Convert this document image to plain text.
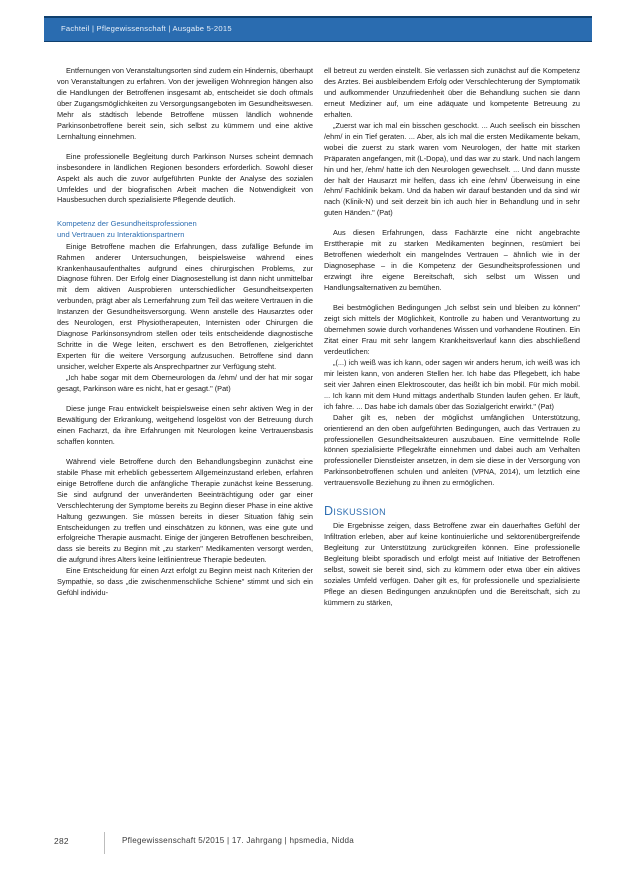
Fachteil | Pflegewissenschaft | Ausgabe 5-2015

Entfernungen von Veranstaltungsorten sind zudem ein Hindernis, überhaupt von Veranstaltungen zu erfahren. Von der jeweiligen Wohnregion hängen also die Handlungen der Betroffenen insgesamt ab, entscheidet sie doch oftmals über Zugangsmöglichkeiten zu Versorgungsangeboten im Gesundheitswesen. Mehr als städtisch lebende Betroffene müssen ländlich wohnende Parkinsonbetroffene bereit sein, sich selbst zu kümmern und eine aktive Lernhaltung einnehmen.

Eine professionelle Begleitung durch Parkinson Nurses scheint demnach insbesondere in ländlichen Regionen besonders erforderlich. Sowohl dieser Aspekt als auch die zuvor aufgeführten Punkte der Analyse des sozialen Umfeldes und der biografischen Arbeit machen die Notwendigkeit von Hausbesuchen durch spezialisierte Pflegende deutlich.

Kompetenz der Gesundheitsprofessionen
und Vertrauen zu Interaktionspartnern

Einige Betroffene machen die Erfahrungen, dass zufällige Befunde im Rahmen anderer Untersuchungen, beispielsweise während eines Krankenhausaufenthaltes aufgrund eines chirurgischen Problems, zur Diagnose führen. Der Erfolg einer Diagnosestellung ist dann nicht unmittelbar mit dem aktiven Ausprobieren unterschiedlicher Gesundheitsexperten verbunden, prägt aber als Lernerfahrung zum Teil das weitere Vertrauen in die Instanzen der Gesundheitsversorgung. Wenn anstelle des Hausarztes oder des Neurologen, erst Physiotherapeuten, Internisten oder Chirurgen die Diagnose Parkinsonsyndrom stellen oder teils entscheidende diagnostische Schritte in die Wege leiten, erschwert es den Betroffenen, zielgerichtet Experten für die weitere Versorgung aufzusuchen. Betroffene sind dann unsicher, welcher Experte als Ansprechpartner zur Verfügung steht.

„Ich habe sogar mit dem Oberneurologen da /ehm/ und der hat mir sogar gesagt, Parkinson wäre es nicht, hat er gesagt." (Pat)

Diese junge Frau entwickelt beispielsweise einen sehr aktiven Weg in der Bewältigung der Erkrankung, weitgehend losgelöst von der Betreuung durch einen Facharzt, da ihre Erfahrungen mit Neurologen keine Vertrauensbasis schaffen konnten.

Während viele Betroffene durch den Behandlungsbeginn zunächst eine stabile Phase mit erheblich gebessertem Allgemeinzustand erleben, erfahren einige Betroffene durch die anfängliche Therapie zunächst keine Besserung. Sie sind aufgrund der unveränderten Beeinträchtigung oder gar einer Verschlechterung der Symptome bereits zu Beginn dieser Phase in eine aktive Haltung gezwungen. Sie müssen bereits in dieser Situation fähig sein Entscheidungen zu treffen und einschätzen zu können, was eine gute und erfolgreiche Therapie ausmacht. Einige der jüngeren Betroffenen beschreiben, dass sie bereits zu Beginn mit „zu starken" Medikamenten versorgt werden, die aufgrund ihres Alters keine leitlinientreue Therapie bedeuten.

Eine Entscheidung für einen Arzt erfolgt zu Beginn meist nach Kriterien der Sympathie, so dass „die zwischenmenschliche Schiene" stimmt und sich ein Gefühl individu-

ell betreut zu werden einstellt. Sie verlassen sich zunächst auf die Kompetenz des Arztes. Bei ausbleibendem Erfolg oder Verschlechterung der Symptomatik und aufkommender Unzufriedenheit über die Behandlung suchen sie dann erneut Mediziner auf, um eine adäquate und kompetente Betreuung zu erhalten.

„Zuerst war ich mal ein bisschen geschockt. ... Auch seelisch ein bisschen /ehm/ in ein Tief geraten. ... Aber, als ich mal die ersten Medikamente bekam, wobei die zuerst zu stark waren vom Neurologen, der hatte mit starken Präparaten angefangen, mit (L-Dopa), und das war zu stark. Und nach langem hin und her, /ehm/ hatte ich den Neurologen gewechselt. ... Und dann musste der halt der Hausarzt mir helfen, dass ich eine /ehm/ Überweisung in eine /ehm/ Fachklinik bekam. Und da haben wir darauf bestanden und da sind wir nach (Klinik-N) und seit derzeit bin ich auch hier in Behandlung und in sehr guten Händen." (Pat)

Aus diesen Erfahrungen, dass Fachärzte eine nicht angebrachte Ersttherapie mit zu starken Medikamenten beginnen, resümiert bei Betroffenen wiederholt ein mangelndes Vertrauen – ähnlich wie in der Diagnosephase – in die Kompetenz der Gesundheitsprofessionen und erzwingt ihre eigene Bereitschaft, sich selbst um Wissen und Handlungsalternativen zu bemühen.

Bei bestmöglichen Bedingungen „Ich selbst sein und bleiben zu können" zeigt sich mittels der Möglichkeit, Kontrolle zu haben und Verantwortung zu übernehmen sowie durch vorhandenes Wissen und vorhandene Routinen. Ein Zitat einer Frau mit sehr langem Krankheitsverlauf kann dies abschließend verdeutlichen:

„(...) ich weiß was ich kann, oder sagen wir anders herum, ich weiß was ich mir leisten kann, von anderen Stellen her. Ich habe das Pflegebett, ich habe seit vier Jahren einen Elektroscouter, das heißt ich bin mobil. Für mich mobil. ... Ich kann mit dem Hund mittags anderthalb Stunden laufen gehen. Er läuft, ich fahre. ... Das habe ich damals über das Sozialgericht erwirkt." (Pat)

Daher gilt es, neben der möglichst umfänglichen Unterstützung, orientierend an den oben aufgeführten Bedingungen, auch das Vertrauen zu professionellen Gesundheitsakteuren auszubauen. Eine vermittelnde Rolle können spezialisierte Pflegekräfte einnehmen und dabei auch am Verhalten professioneller Dienstleister ansetzen, in dem sie diese in der Versorgung von Parkinsonbetroffenen schulen und anleiten (VPNA, 2014), um letztlich eine vertrauensvolle Beziehung zu ihnen zu ermöglichen.

Diskussion

Die Ergebnisse zeigen, dass Betroffene zwar ein dauerhaftes Gefühl der Infiltration erleben, aber auf keine kontinuierliche und sektorenübergreifende Begleitung zur Unterstützung zurückgreifen können. Eine professionelle Begleitung bleibt sporadisch und erfolgt meist auf Initiative der Betroffenen selbst, soweit sie bereit sind, sich zu kümmern oder etwa über ein aktives soziales Umfeld verfügen. Daher gilt es, für professionelle und spezialisierte Pflege an diesen Bedingungen anzuknüpfen und die Bereitschaft, sich zu kümmern zu stärken,

282	Pflegewissenschaft 5/2015 | 17. Jahrgang | hpsmedia, Nidda
